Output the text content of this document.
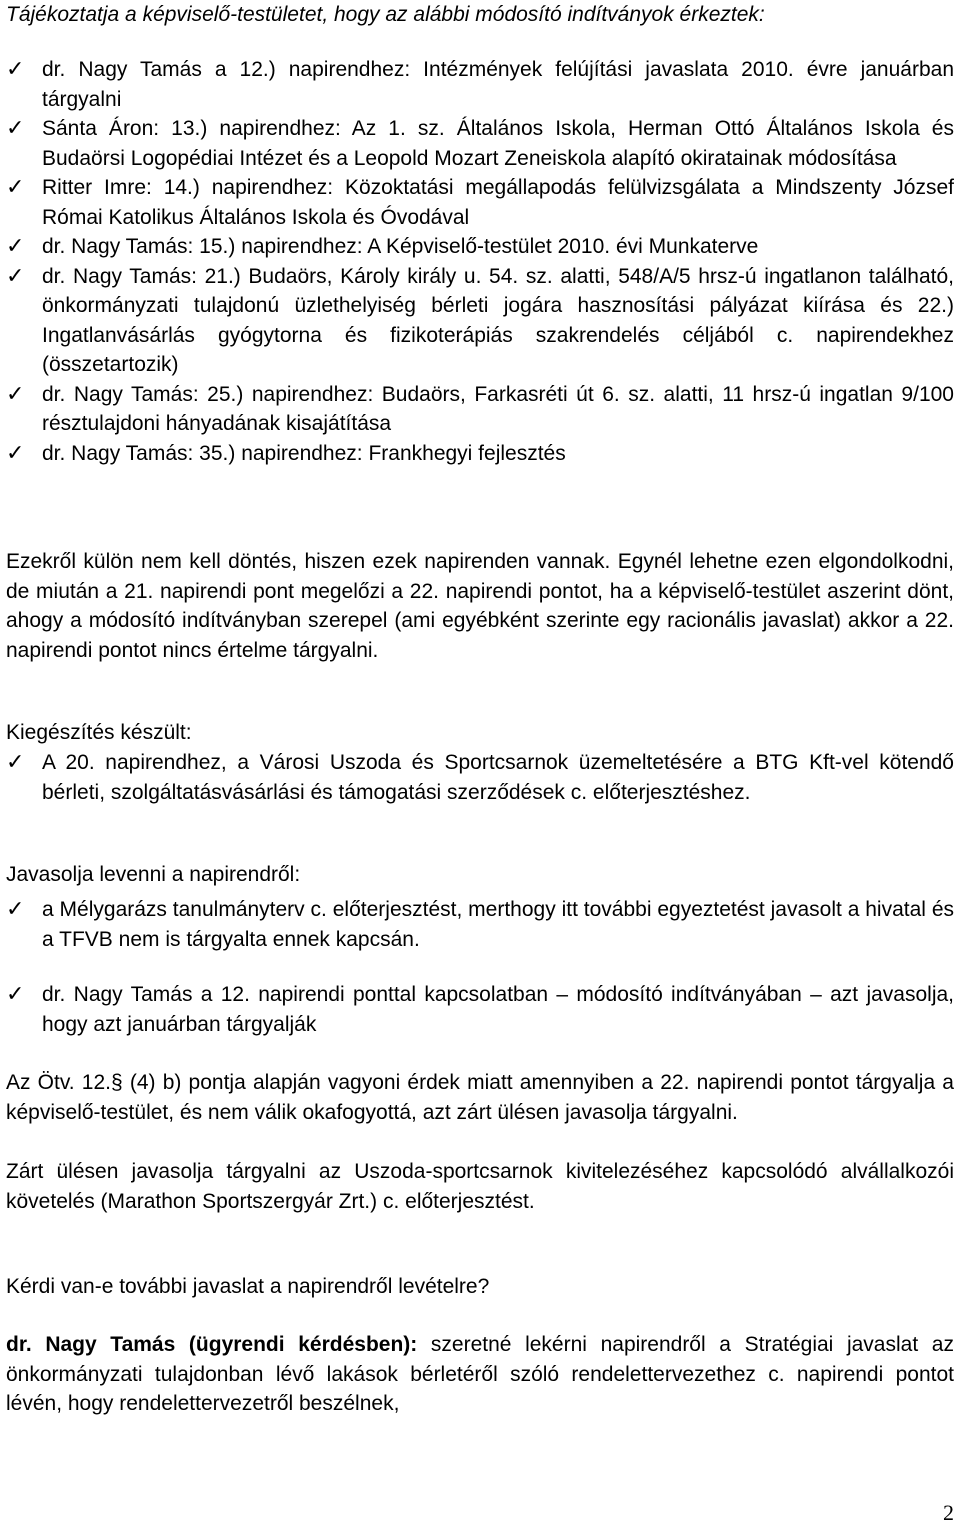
Tájékoztatja a képviselő-testületet, hogy az alábbi módosító indítványok érkeztek:
✓ dr. Nagy Tamás a 12.) napirendhez: Intézmények felújítási javaslata 2010. évre januárban tárgyalni
✓ Sánta Áron: 13.) napirendhez: Az 1. sz. Általános Iskola, Herman Ottó Általános Iskola és Budaörsi Logopédiai Intézet és a Leopold Mozart Zeneiskola alapító okiratainak módosítása
✓ Ritter Imre: 14.) napirendhez: Közoktatási megállapodás felülvizsgálata a Mindszenty József Római Katolikus Általános Iskola és Óvodával
✓ dr. Nagy Tamás: 15.) napirendhez: A Képviselő-testület 2010. évi Munkaterve
✓ dr. Nagy Tamás: 21.) Budaörs, Károly király u. 54. sz. alatti, 548/A/5 hrsz-ú ingatlanon található, önkormányzati tulajdonú üzlethelyiség bérleti jogára hasznosítási pályázat kiírása és 22.) Ingatlanvásárlás gyógytorna és fizikoterápiás szakrendelés céljából c. napirendekhez (összetartozik)
✓ dr. Nagy Tamás: 25.) napirendhez: Budaörs, Farkasréti út 6. sz. alatti, 11 hrsz-ú ingatlan 9/100 résztulajdoni hányadának kisajátítása
✓ dr. Nagy Tamás: 35.) napirendhez: Frankhegyi fejlesztés
Ezekről külön nem kell döntés, hiszen ezek napirenden vannak. Egynél lehetne ezen elgondolkodni, de miután a 21. napirendi pont megelőzi a 22. napirendi pontot, ha a képviselő-testület aszerint dönt, ahogy a módosító indítványban szerepel (ami egyébként szerinte egy racionális javaslat) akkor a 22. napirendi pontot nincs értelme tárgyalni.
Kiegészítés készült:
✓ A 20. napirendhez, a Városi Uszoda és Sportcsarnok üzemeltetésére a BTG Kft-vel kötendő bérleti, szolgáltatásvásárlási és támogatási szerződések c. előterjesztéshez.
Javasolja levenni a napirendről:
✓ a Mélygarázs tanulmányterv c. előterjesztést, merthogy itt további egyeztetést javasolt a hivatal és a TFVB nem is tárgyalta ennek kapcsán.
✓ dr. Nagy Tamás a 12. napirendi ponttal kapcsolatban – módosító indítványában – azt javasolja, hogy azt januárban tárgyalják
Az Ötv. 12.§ (4) b) pontja alapján vagyoni érdek miatt amennyiben a 22. napirendi pontot tárgyalja a képviselő-testület, és nem válik okafogyottá, azt zárt ülésen javasolja tárgyalni.
Zárt ülésen javasolja tárgyalni az Uszoda-sportcsarnok kivitelezéséhez kapcsolódó alvállalkozói követelés (Marathon Sportszergyár Zrt.) c. előterjesztést.
Kérdi van-e további javaslat a napirendről levételre?
dr. Nagy Tamás (ügyrendi kérdésben): szeretné lekérni napirendről a Stratégiai javaslat az önkormányzati tulajdonban lévő lakások bérletéről szóló rendelettervezethez c. napirendi pontot lévén, hogy rendelettervezetről beszélnek,
2
